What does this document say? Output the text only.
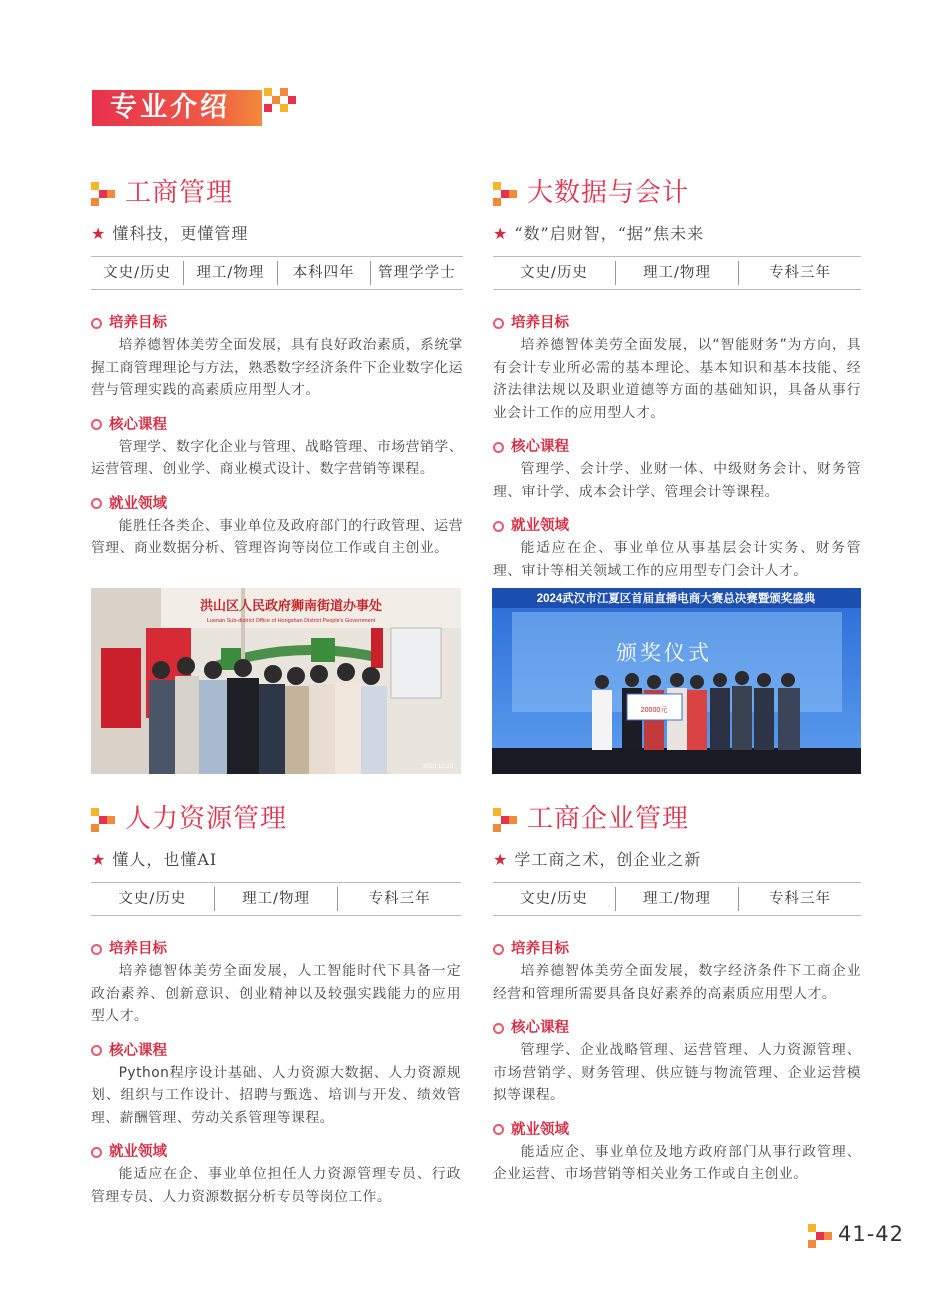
专业介绍
工商管理
★ 懂科技，更懂管理
文史/历史	理工/物理	本科四年	管理学学士
培养目标

培养德智体美劳全面发展，具有良好政治素质，系统掌握工商管理理论与方法，熟悉数字经济条件下企业数字化运营与管理实践的高素质应用型人才。

核心课程

管理学、数字化企业与管理、战略管理、市场营销学、运营管理、创业学、商业模式设计、数字营销等课程。

就业领域

能胜任各类企、事业单位及政府部门的行政管理、运营管理、商业数据分析、管理咨询等岗位工作或自主创业。

大数据与会计
★ “数”启财智，“据”焦未来
文史/历史	理工/物理	专科三年
培养目标

培养德智体美劳全面发展，以“智能财务”为方向，具有会计专业所必需的基本理论、基本知识和基本技能、经济法律法规以及职业道德等方面的基础知识，具备从事行业会计工作的应用型人才。

核心课程

管理学、会计学、业财一体、中级财务会计、财务管理、审计学、成本会计学、管理会计等课程。

就业领域

能适应在企、事业单位从事基层会计实务、财务管理、审计等相关领域工作的应用型专门会计人才。

洪山区人民政府狮南街道办事处
Luonan Sub-district Office of Hongshan District People's Government
2023.12.20
2024武汉市江夏区首届直播电商大赛总决赛暨颁奖盛典
颁奖仪式
20000元
人力资源管理
★ 懂人，也懂AI
文史/历史	理工/物理	专科三年
培养目标

培养德智体美劳全面发展，人工智能时代下具备一定政治素养、创新意识、创业精神以及较强实践能力的应用型人才。

核心课程

Python程序设计基础、人力资源大数据、人力资源规划、组织与工作设计、招聘与甄选、培训与开发、绩效管理、薪酬管理、劳动关系管理等课程。

就业领域

能适应在企、事业单位担任人力资源管理专员、行政管理专员、人力资源数据分析专员等岗位工作。

工商企业管理
★ 学工商之术，创企业之新
文史/历史	理工/物理	专科三年
培养目标

培养德智体美劳全面发展，数字经济条件下工商企业经营和管理所需要具备良好素养的高素质应用型人才。

核心课程

管理学、企业战略管理、运营管理、人力资源管理、市场营销学、财务管理、供应链与物流管理、企业运营模拟等课程。

就业领域

能适应企、事业单位及地方政府部门从事行政管理、企业运营、市场营销等相关业务工作或自主创业。

41-42
